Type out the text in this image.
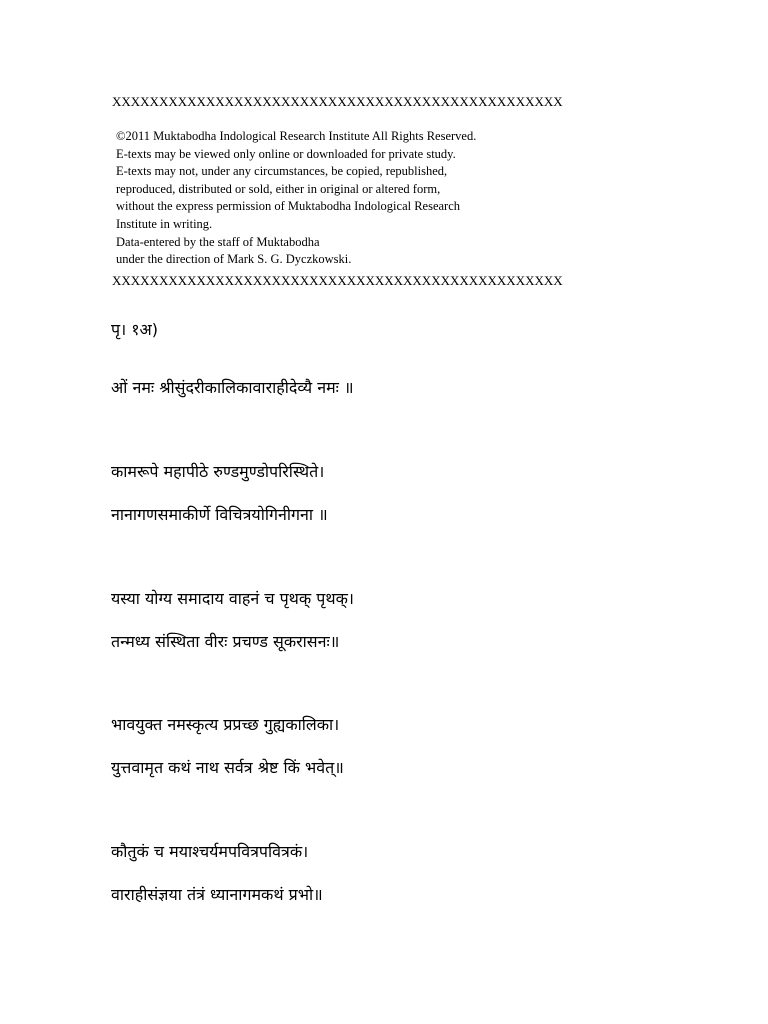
XXXXXXXXXXXXXXXXXXXXXXXXXXXXXXXXXXXXXXXXXXXXXXXX
©2011 Muktabodha Indological Research Institute All Rights Reserved.
E-texts may be viewed only online or downloaded for private study.
E-texts may not, under any circumstances, be copied, republished,
reproduced, distributed or sold, either in original or altered form,
without the express permission of Muktabodha Indological Research
Institute in writing.
Data-entered by the staff of Muktabodha
under the direction of Mark S. G. Dyczkowski.
XXXXXXXXXXXXXXXXXXXXXXXXXXXXXXXXXXXXXXXXXXXXXXXX
पृ। १अ)
ओं नमः श्रीसुंदरीकालिकावाराहीदेव्यै नमः ॥
कामरूपे महापीठे रुण्डमुण्डोपरिस्थिते।
नानागणसमाकीर्णे विचित्रयोगिनीगना ॥
यस्या योग्य समादाय वाहनं च पृथक् पृथक्।
तन्मध्य संस्थिता वीरः प्रचण्ड सूकरासनः॥
भावयुक्त नमस्कृत्य प्रप्रच्छ गुह्यकालिका।
युत्तवामृत कथं नाथ सर्वत्र श्रेष्ट किं भवेत्॥
कौतुकं च मयाश्चर्यमपवित्रपवित्रकं।
वाराहीसंज्ञया तंत्रं ध्यानागमकथं प्रभो॥
